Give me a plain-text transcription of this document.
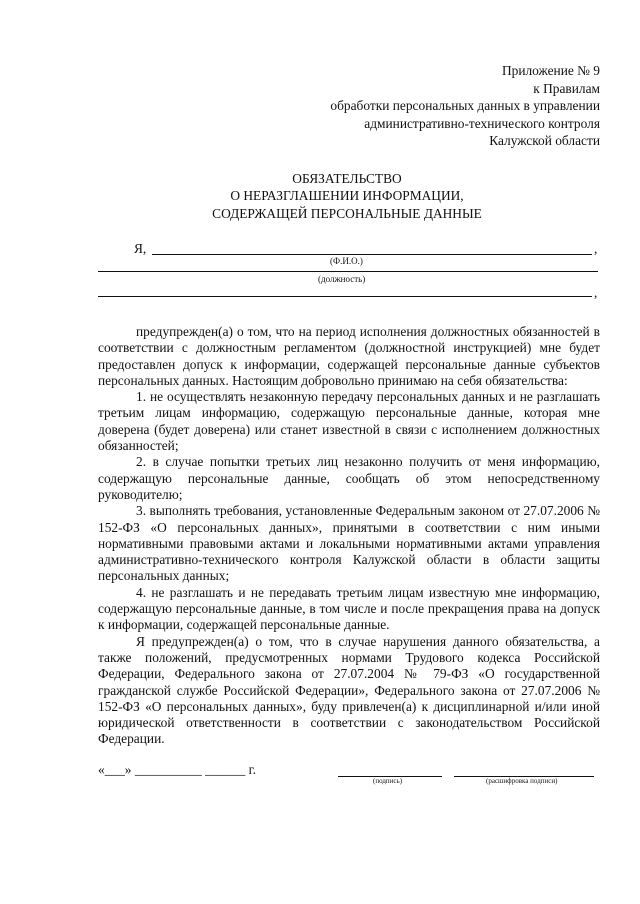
Приложение № 9
к Правилам
обработки персональных данных в управлении
административно-технического контроля
Калужской области
ОБЯЗАТЕЛЬСТВО
О НЕРАЗГЛАШЕНИИ ИНФОРМАЦИИ,
СОДЕРЖАЩЕЙ ПЕРСОНАЛЬНЫЕ ДАННЫЕ
Я,	,
(Ф.И.О.)
(должность)
,

предупрежден(а) о том, что на период исполнения должностных обязанностей в соответствии с должностным регламентом (должностной инструкцией) мне будет предоставлен допуск к информации, содержащей персональные данные субъектов персональных данных. Настоящим добровольно принимаю на себя обязательства:

1. не осуществлять незаконную передачу персональных данных и не разглашать третьим лицам информацию, содержащую персональные данные, которая мне доверена (будет доверена) или станет известной в связи с исполнением должностных обязанностей;

2. в случае попытки третьих лиц незаконно получить от меня информацию, содержащую персональные данные, сообщать об этом непосредственному руководителю;

3. выполнять требования, установленные Федеральным законом от 27.07.2006 № 152-ФЗ «О персональных данных», принятыми в соответствии с ним иными нормативными правовыми актами и локальными нормативными актами управления административно-технического контроля Калужской области в области защиты персональных данных;

4. не разглашать и не передавать третьим лицам известную мне информацию, содержащую персональные данные, в том числе и после прекращения права на допуск к информации, содержащей персональные данные.

Я предупрежден(а) о том, что в случае нарушения данного обязательства, а также положений, предусмотренных нормами Трудового кодекса Российской Федерации, Федерального закона от 27.07.2004 № 79-ФЗ «О государственной гражданской службе Российской Федерации», Федерального закона от 27.07.2006 № 152-ФЗ «О персональных данных», буду привлечен(а) к дисциплинарной и/или иной юридической ответственности в соответствии с законодательством Российской Федерации.

«___» __________ ______ г.
(подпись)	(расшифровка подписи)
